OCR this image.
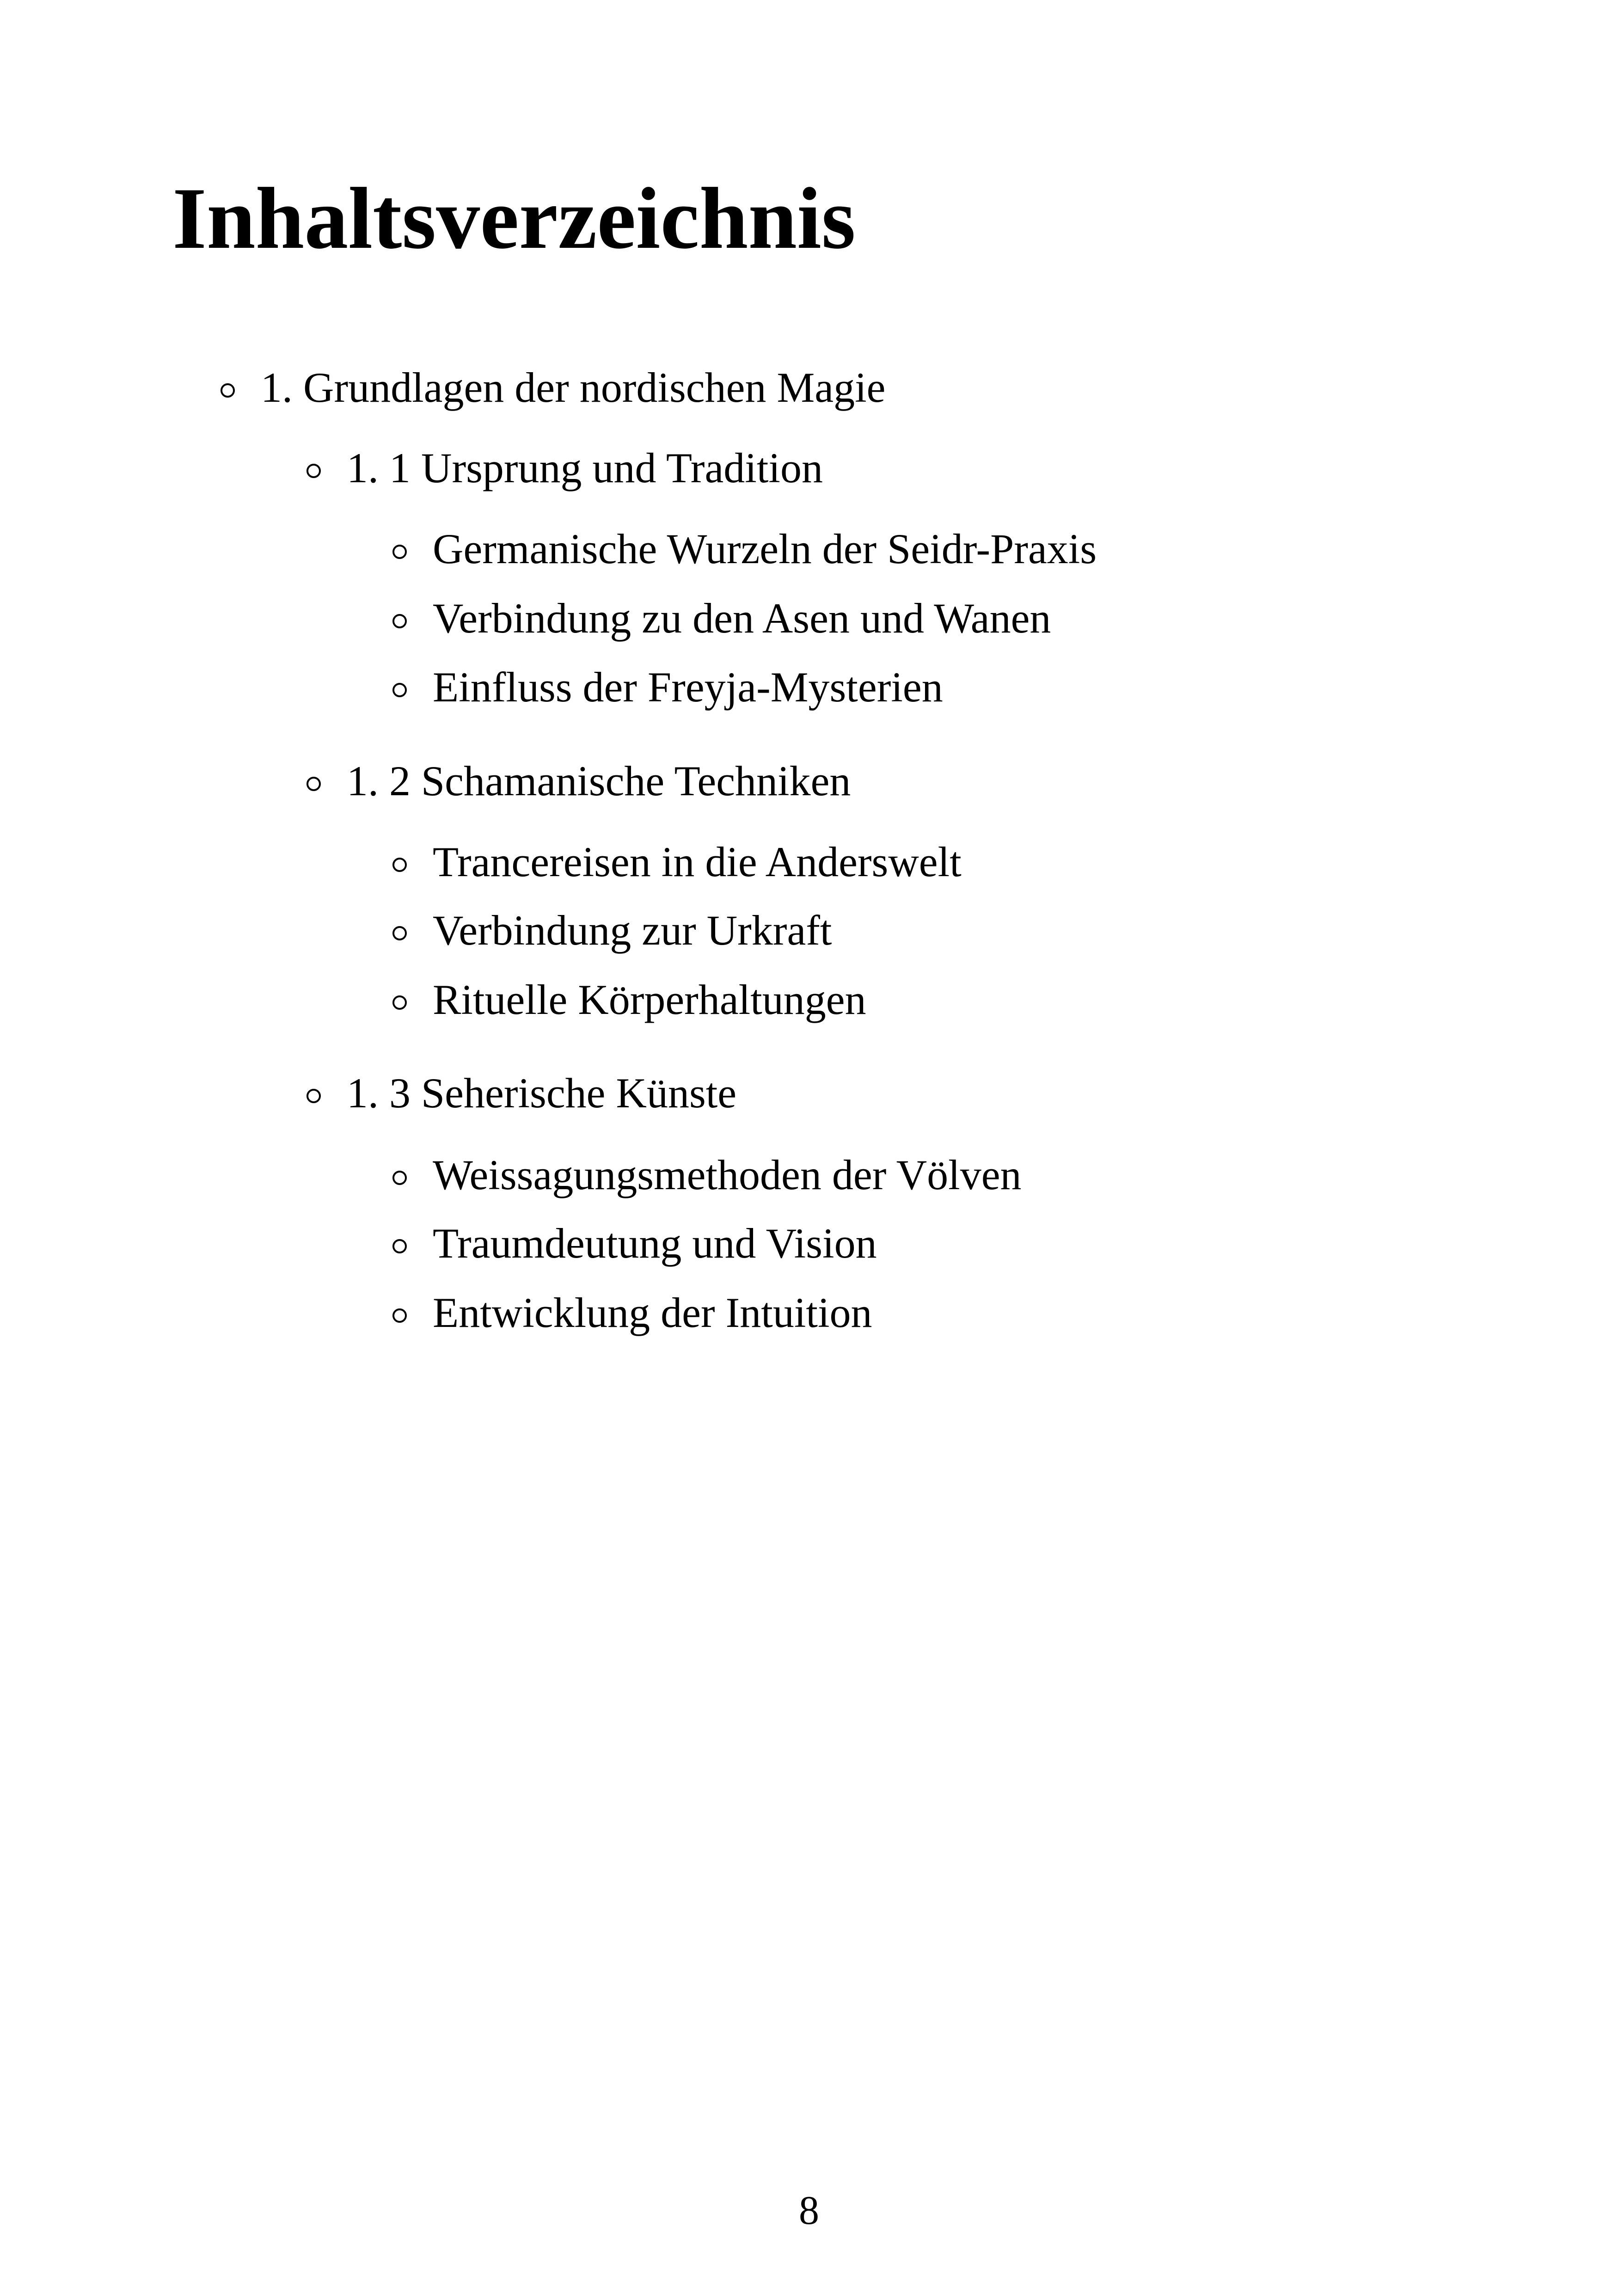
Inhaltsverzeichnis
1. Grundlagen der nordischen Magie
1. 1 Ursprung und Tradition
Germanische Wurzeln der Seidr-Praxis
Verbindung zu den Asen und Wanen
Einfluss der Freyja-Mysterien
1. 2 Schamanische Techniken
Trancereisen in die Anderswelt
Verbindung zur Urkraft
Rituelle Körperhaltungen
1. 3 Seherische Künste
Weissagungsmethoden der Völven
Traumdeutung und Vision
Entwicklung der Intuition
8
